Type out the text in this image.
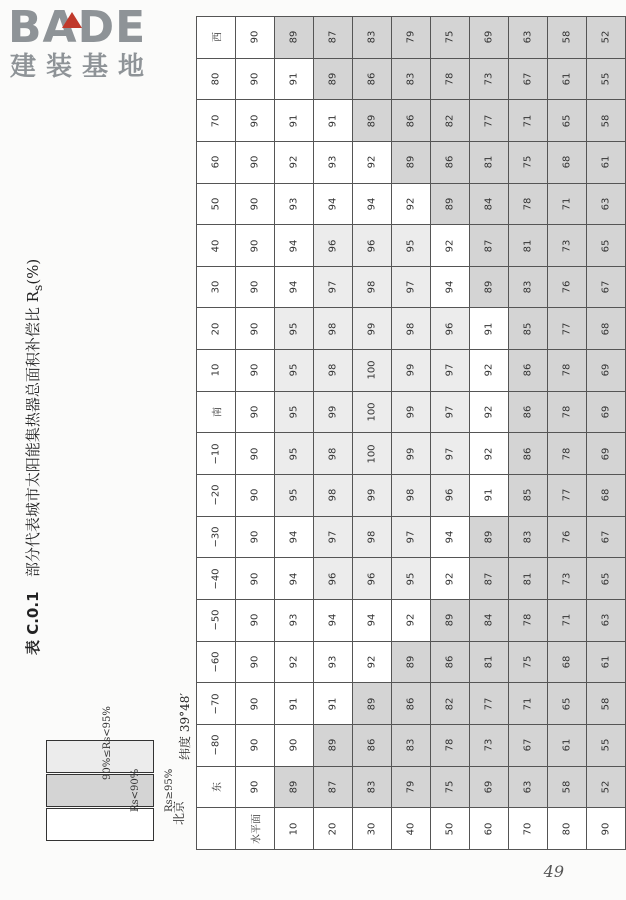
BADE
建装基地
表 C.0.1   部分代表城市太阳能集热器总面积补偿比 $R_s(\%)$
90%≤Rs<95%
Rs<90% Rs≥95%
北京
纬度 39°48′
西	90	89	87	83	79	75	69	63	58	52

80	90	91	89	86	83	78	73	67	61	55

70	90	91	91	89	86	82	77	71	65	58

60	90	92	93	92	89	86	81	75	68	61

50	90	93	94	94	92	89	84	78	71	63

40	90	94	96	96	95	92	87	81	73	65

30	90	94	97	98	97	94	89	83	76	67

20	90	95	98	99	98	96	91	85	77	68

10	90	95	98	100	99	97	92	86	78	69

南	90	95	99	100	99	97	92	86	78	69

−10	90	95	98	100	99	97	92	86	78	69

−20	90	95	98	99	98	96	91	85	77	68

−30	90	94	97	98	97	94	89	83	76	67

−40	90	94	96	96	95	92	87	81	73	65

−50	90	93	94	94	92	89	84	78	71	63

−60	90	92	93	92	89	86	81	75	68	61

−70	90	91	91	89	86	82	77	71	65	58

−80	90	90	89	86	83	78	73	67	61	55

东	90	89	87	83	79	75	69	63	58	52

	水平面	10	20	30	40	50	60	70	80	90
49
